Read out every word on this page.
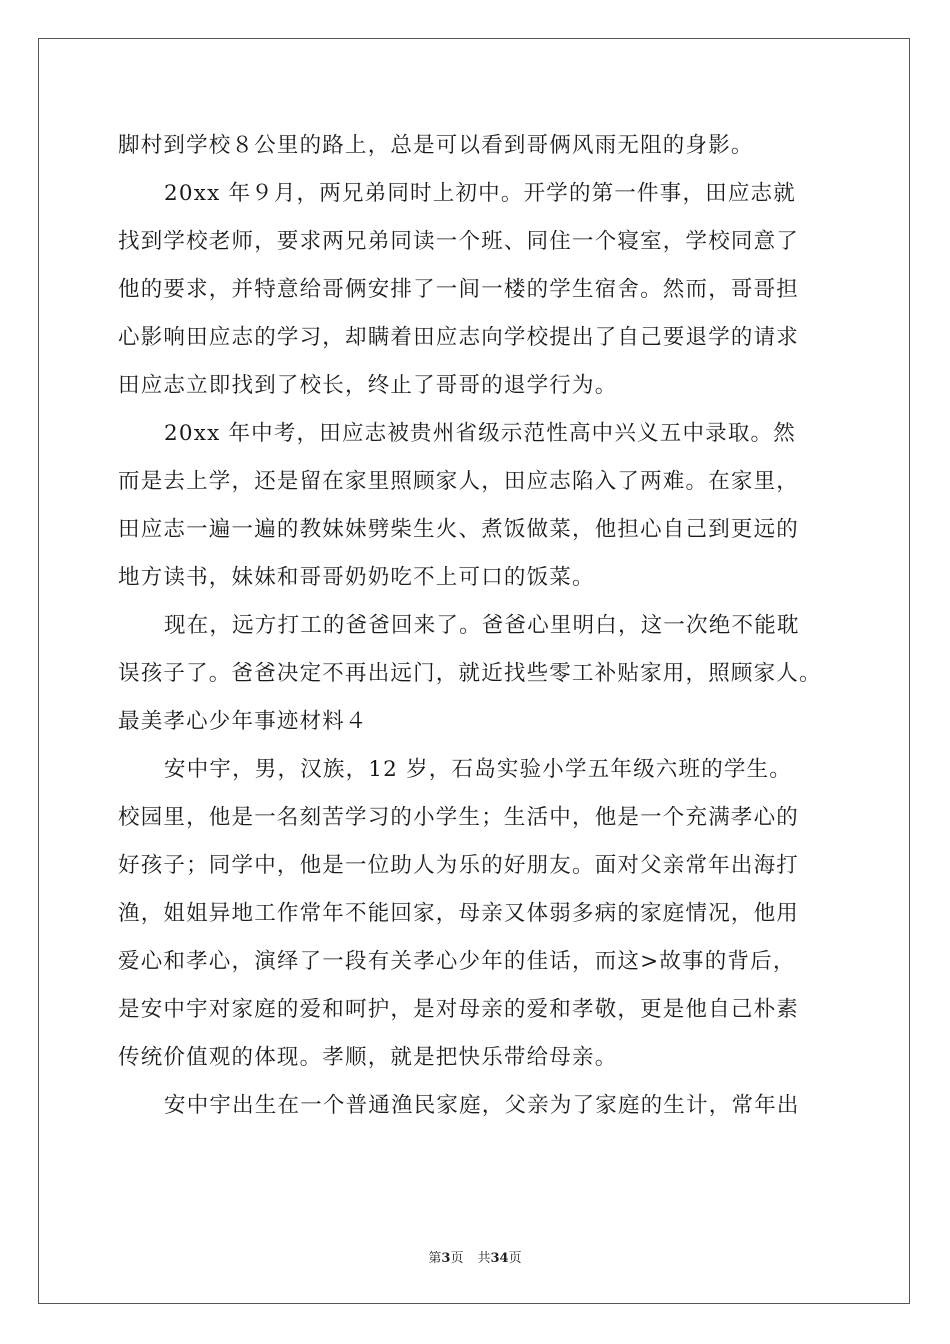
脚村到学校８公里的路上，总是可以看到哥俩风雨无阻的身影。
20xx 年９月，两兄弟同时上初中。开学的第一件事，田应志就
找到学校老师，要求两兄弟同读一个班、同住一个寝室，学校同意了
他的要求，并特意给哥俩安排了一间一楼的学生宿舍。然而，哥哥担
心影响田应志的学习，却瞒着田应志向学校提出了自己要退学的请求
田应志立即找到了校长，终止了哥哥的退学行为。
20xx 年中考，田应志被贵州省级示范性高中兴义五中录取。然
而是去上学，还是留在家里照顾家人，田应志陷入了两难。在家里，
田应志一遍一遍的教妹妹劈柴生火、煮饭做菜，他担心自己到更远的
地方读书，妹妹和哥哥奶奶吃不上可口的饭菜。
现在，远方打工的爸爸回来了。爸爸心里明白，这一次绝不能耽
误孩子了。爸爸决定不再出远门，就近找些零工补贴家用，照顾家人。
最美孝心少年事迹材料４
安中宇，男，汉族，12 岁，石岛实验小学五年级六班的学生。
校园里，他是一名刻苦学习的小学生；生活中，他是一个充满孝心的
好孩子；同学中，他是一位助人为乐的好朋友。面对父亲常年出海打
渔，姐姐异地工作常年不能回家，母亲又体弱多病的家庭情况，他用
爱心和孝心，演绎了一段有关孝心少年的佳话，而这>故事的背后，
是安中宇对家庭的爱和呵护，是对母亲的爱和孝敬，更是他自己朴素
传统价值观的体现。孝顺，就是把快乐带给母亲。
安中宇出生在一个普通渔民家庭，父亲为了家庭的生计，常年出
第3页 共34页
